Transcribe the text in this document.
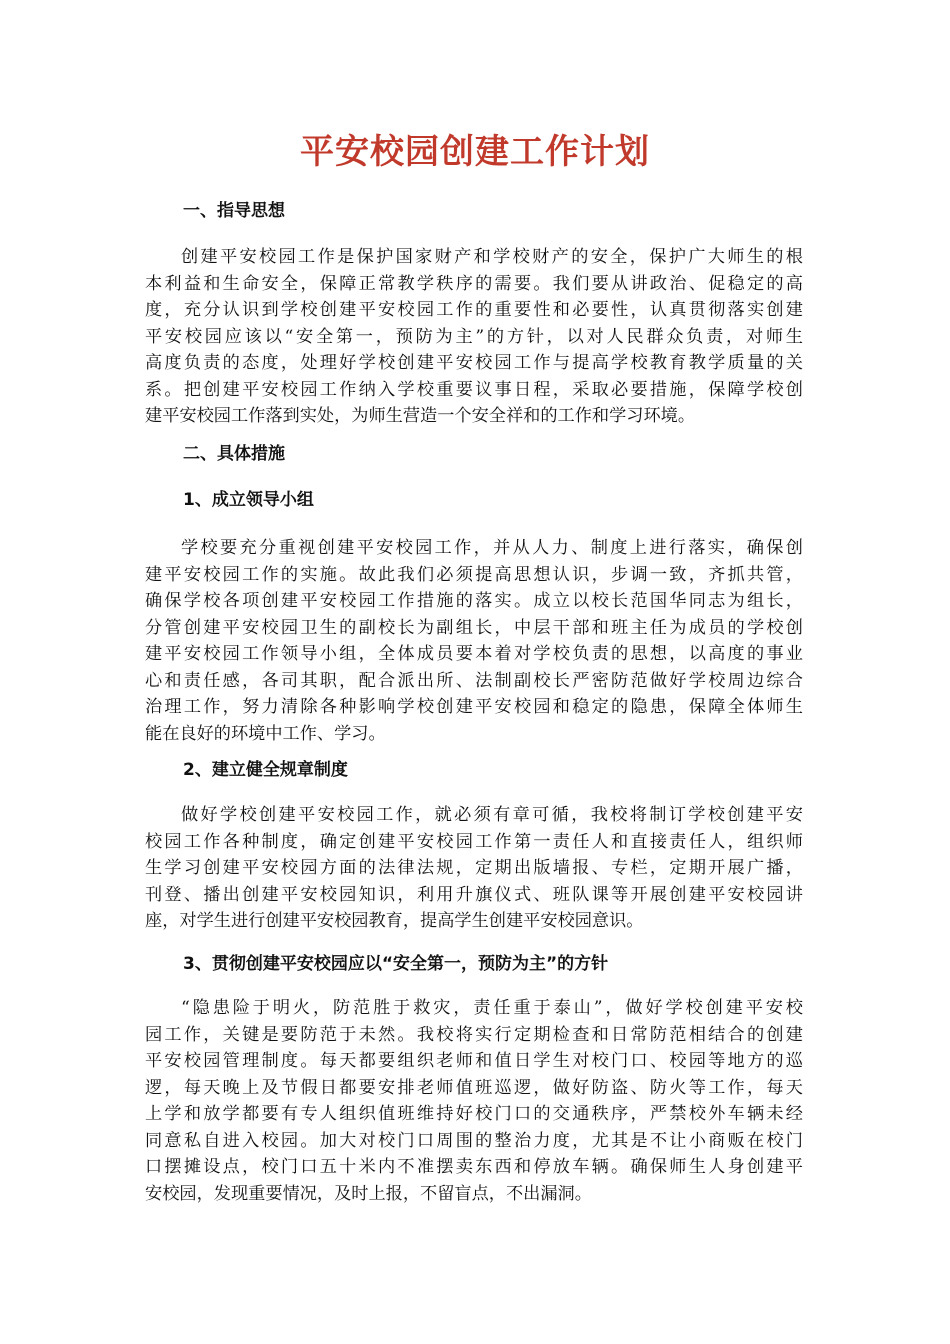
平安校园创建工作计划
一、指导思想
创建平安校园工作是保护国家财产和学校财产的安全，保护广大师生的根
本利益和生命安全，保障正常教学秩序的需要。我们要从讲政治、促稳定的高
度，充分认识到学校创建平安校园工作的重要性和必要性，认真贯彻落实创建
平安校园应该以“安全第一，预防为主”的方针，以对人民群众负责，对师生
高度负责的态度，处理好学校创建平安校园工作与提高学校教育教学质量的关
系。把创建平安校园工作纳入学校重要议事日程，采取必要措施，保障学校创
建平安校园工作落到实处，为师生营造一个安全祥和的工作和学习环境。
二、具体措施
1、成立领导小组
学校要充分重视创建平安校园工作，并从人力、制度上进行落实，确保创
建平安校园工作的实施。故此我们必须提高思想认识，步调一致，齐抓共管，
确保学校各项创建平安校园工作措施的落实。成立以校长范国华同志为组长，
分管创建平安校园卫生的副校长为副组长，中层干部和班主任为成员的学校创
建平安校园工作领导小组，全体成员要本着对学校负责的思想，以高度的事业
心和责任感，各司其职，配合派出所、法制副校长严密防范做好学校周边综合
治理工作，努力清除各种影响学校创建平安校园和稳定的隐患，保障全体师生
能在良好的环境中工作、学习。
2、建立健全规章制度
做好学校创建平安校园工作，就必须有章可循，我校将制订学校创建平安
校园工作各种制度，确定创建平安校园工作第一责任人和直接责任人，组织师
生学习创建平安校园方面的法律法规，定期出版墙报、专栏，定期开展广播，
刊登、播出创建平安校园知识，利用升旗仪式、班队课等开展创建平安校园讲
座，对学生进行创建平安校园教育，提高学生创建平安校园意识。
3、贯彻创建平安校园应以“安全第一，预防为主”的方针
“隐患险于明火，防范胜于救灾，责任重于泰山”，做好学校创建平安校
园工作，关键是要防范于未然。我校将实行定期检查和日常防范相结合的创建
平安校园管理制度。每天都要组织老师和值日学生对校门口、校园等地方的巡
逻，每天晚上及节假日都要安排老师值班巡逻，做好防盗、防火等工作，每天
上学和放学都要有专人组织值班维持好校门口的交通秩序，严禁校外车辆未经
同意私自进入校园。加大对校门口周围的整治力度，尤其是不让小商贩在校门
口摆摊设点，校门口五十米内不准摆卖东西和停放车辆。确保师生人身创建平
安校园，发现重要情况，及时上报，不留盲点，不出漏洞。
